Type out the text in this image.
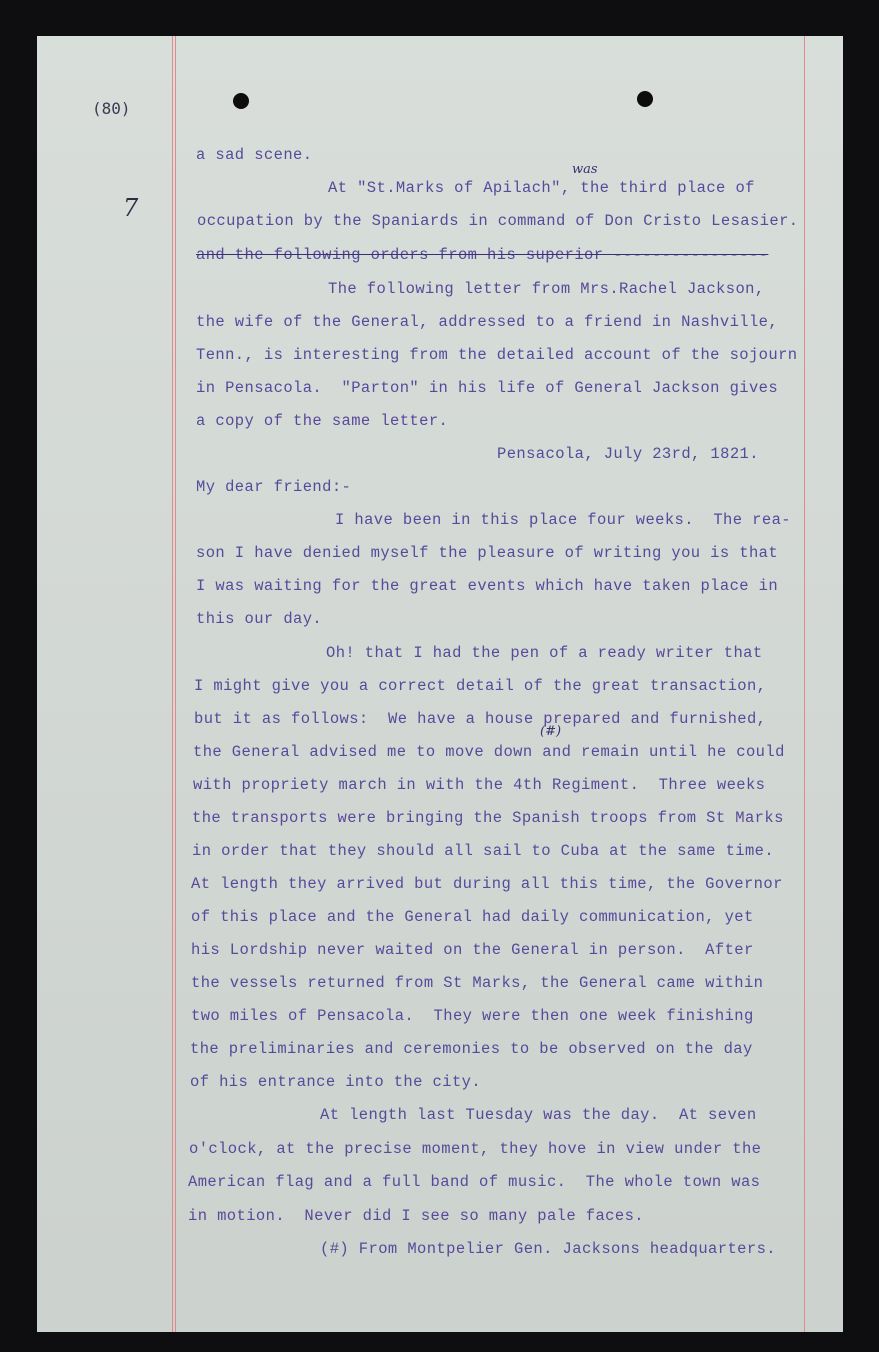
(80)
7
was
(#)
a sad scene.
At "St.Marks of Apilach", the third place of
occupation by the Spaniards in command of Don Cristo Lesasier.
and the following orders from his superior ----------------
The following letter from Mrs.Rachel Jackson,
the wife of the General, addressed to a friend in Nashville,
Tenn., is interesting from the detailed account of the sojourn
in Pensacola.  "Parton" in his life of General Jackson gives
a copy of the same letter.
Pensacola, July 23rd, 1821.
My dear friend:-
I have been in this place four weeks.  The rea-
son I have denied myself the pleasure of writing you is that
I was waiting for the great events which have taken place in
this our day.
Oh! that I had the pen of a ready writer that
I might give you a correct detail of the great transaction,
but it as follows:  We have a house prepared and furnished,
the General advised me to move down and remain until he could
with propriety march in with the 4th Regiment.  Three weeks
the transports were bringing the Spanish troops from St Marks
in order that they should all sail to Cuba at the same time.
At length they arrived but during all this time, the Governor
of this place and the General had daily communication, yet
his Lordship never waited on the General in person.  After
the vessels returned from St Marks, the General came within
two miles of Pensacola.  They were then one week finishing
the preliminaries and ceremonies to be observed on the day
of his entrance into the city.
At length last Tuesday was the day.  At seven
o'clock, at the precise moment, they hove in view under the
American flag and a full band of music.  The whole town was
in motion.  Never did I see so many pale faces.
(#) From Montpelier Gen. Jacksons headquarters.
